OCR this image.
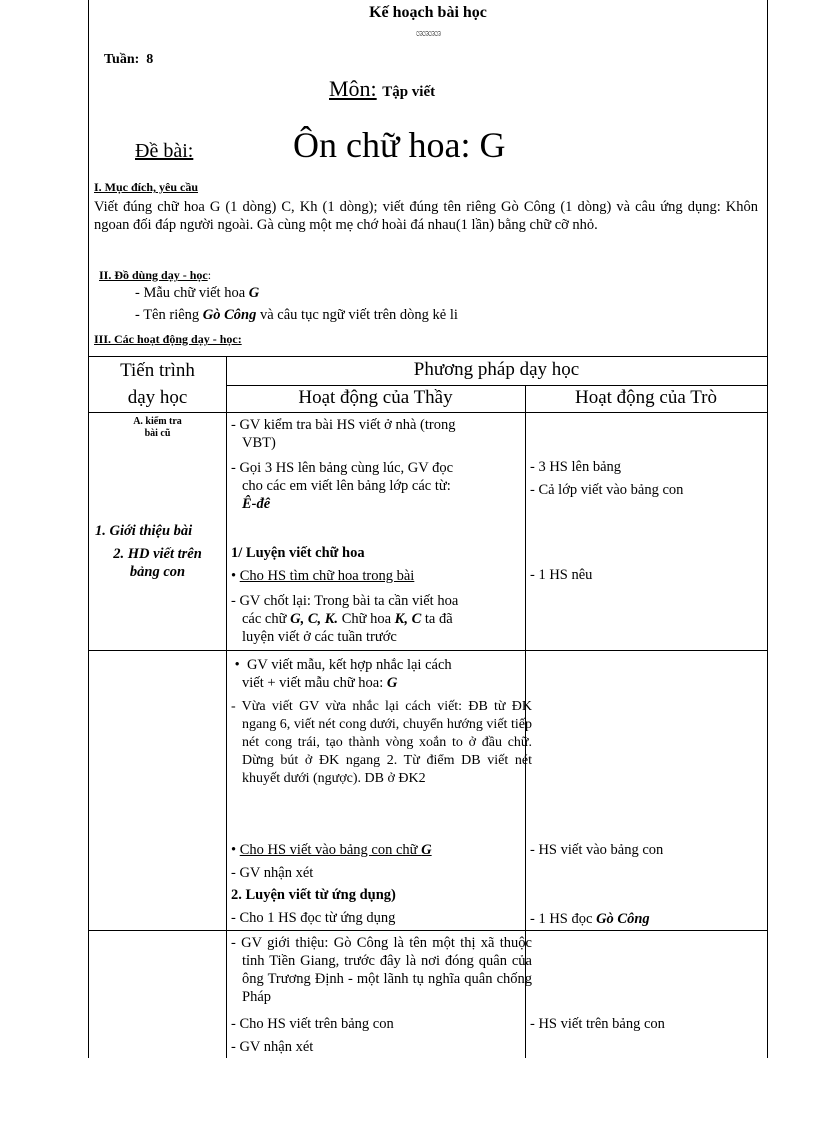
Kế hoạch bài học
ශශශශ
Tuần: 8
Môn: Tập viết
Đề bài:	Ôn chữ hoa: G
I. Mục đích, yêu cầu
Viết đúng chữ hoa G (1 dòng) C, Kh (1 dòng); viết đúng tên riêng Gò Công (1 dòng) và câu ứng dụng: Khôn ngoan đối đáp người ngoài. Gà cùng một mẹ chớ hoài đá nhau(1 lần) bằng chữ cỡ nhỏ.
II. Đồ dùng dạy - học:
- Mẫu chữ viết hoa G
- Tên riêng Gò Công và câu tục ngữ viết trên dòng kẻ li
III. Các hoạt động dạy - học:
Tiến trình
dạy học
Phương pháp dạy học
Hoạt động của Thầy	Hoạt động của Trò
A. kiểm tra
bài cũ
1. Giới thiệu bài
2. HD viết trên
bảng con
- GV kiểm tra bài HS viết ở nhà (trong
VBT)
- Gọi 3 HS lên bảng cùng lúc, GV đọc
cho các em viết lên bảng lớp các từ:
Ê-đê
1/ Luyện viết chữ hoa
• Cho HS tìm chữ hoa trong bài
- GV chốt lại: Trong bài ta cần viết hoa
các chữ G, C, K. Chữ hoa K, C ta đã
luyện viết ở các tuần trước
•  GV viết mẫu, kết hợp nhắc lại cách
viết + viết mẫu chữ hoa: G
- Vừa viết GV vừa nhắc lại cách viết: ĐB từ ĐK ngang 6, viết nét cong dưới, chuyển hướng viết tiếp nét cong trái, tạo thành vòng xoắn to ở đầu chữ. Dừng bút ở ĐK ngang 2. Từ điểm DB viết nét khuyết dưới (ngược). DB ở ĐK2
• Cho HS viết vào bảng con chữ G
- GV nhận xét
2. Luyện viết từ ứng dụng)
- Cho 1 HS đọc từ ứng dụng
- GV giới thiệu: Gò Công là tên một thị xã thuộc tỉnh Tiền Giang, trước đây là nơi đóng quân của ông Trương Định - một lãnh tụ nghĩa quân chống Pháp
- Cho HS viết trên bảng con
- GV nhận xét
- 3 HS lên bảng
- Cả lớp viết vào bảng con
- 1 HS nêu
- HS viết vào bảng con
- 1 HS đọc Gò Công
- HS viết trên bảng con
